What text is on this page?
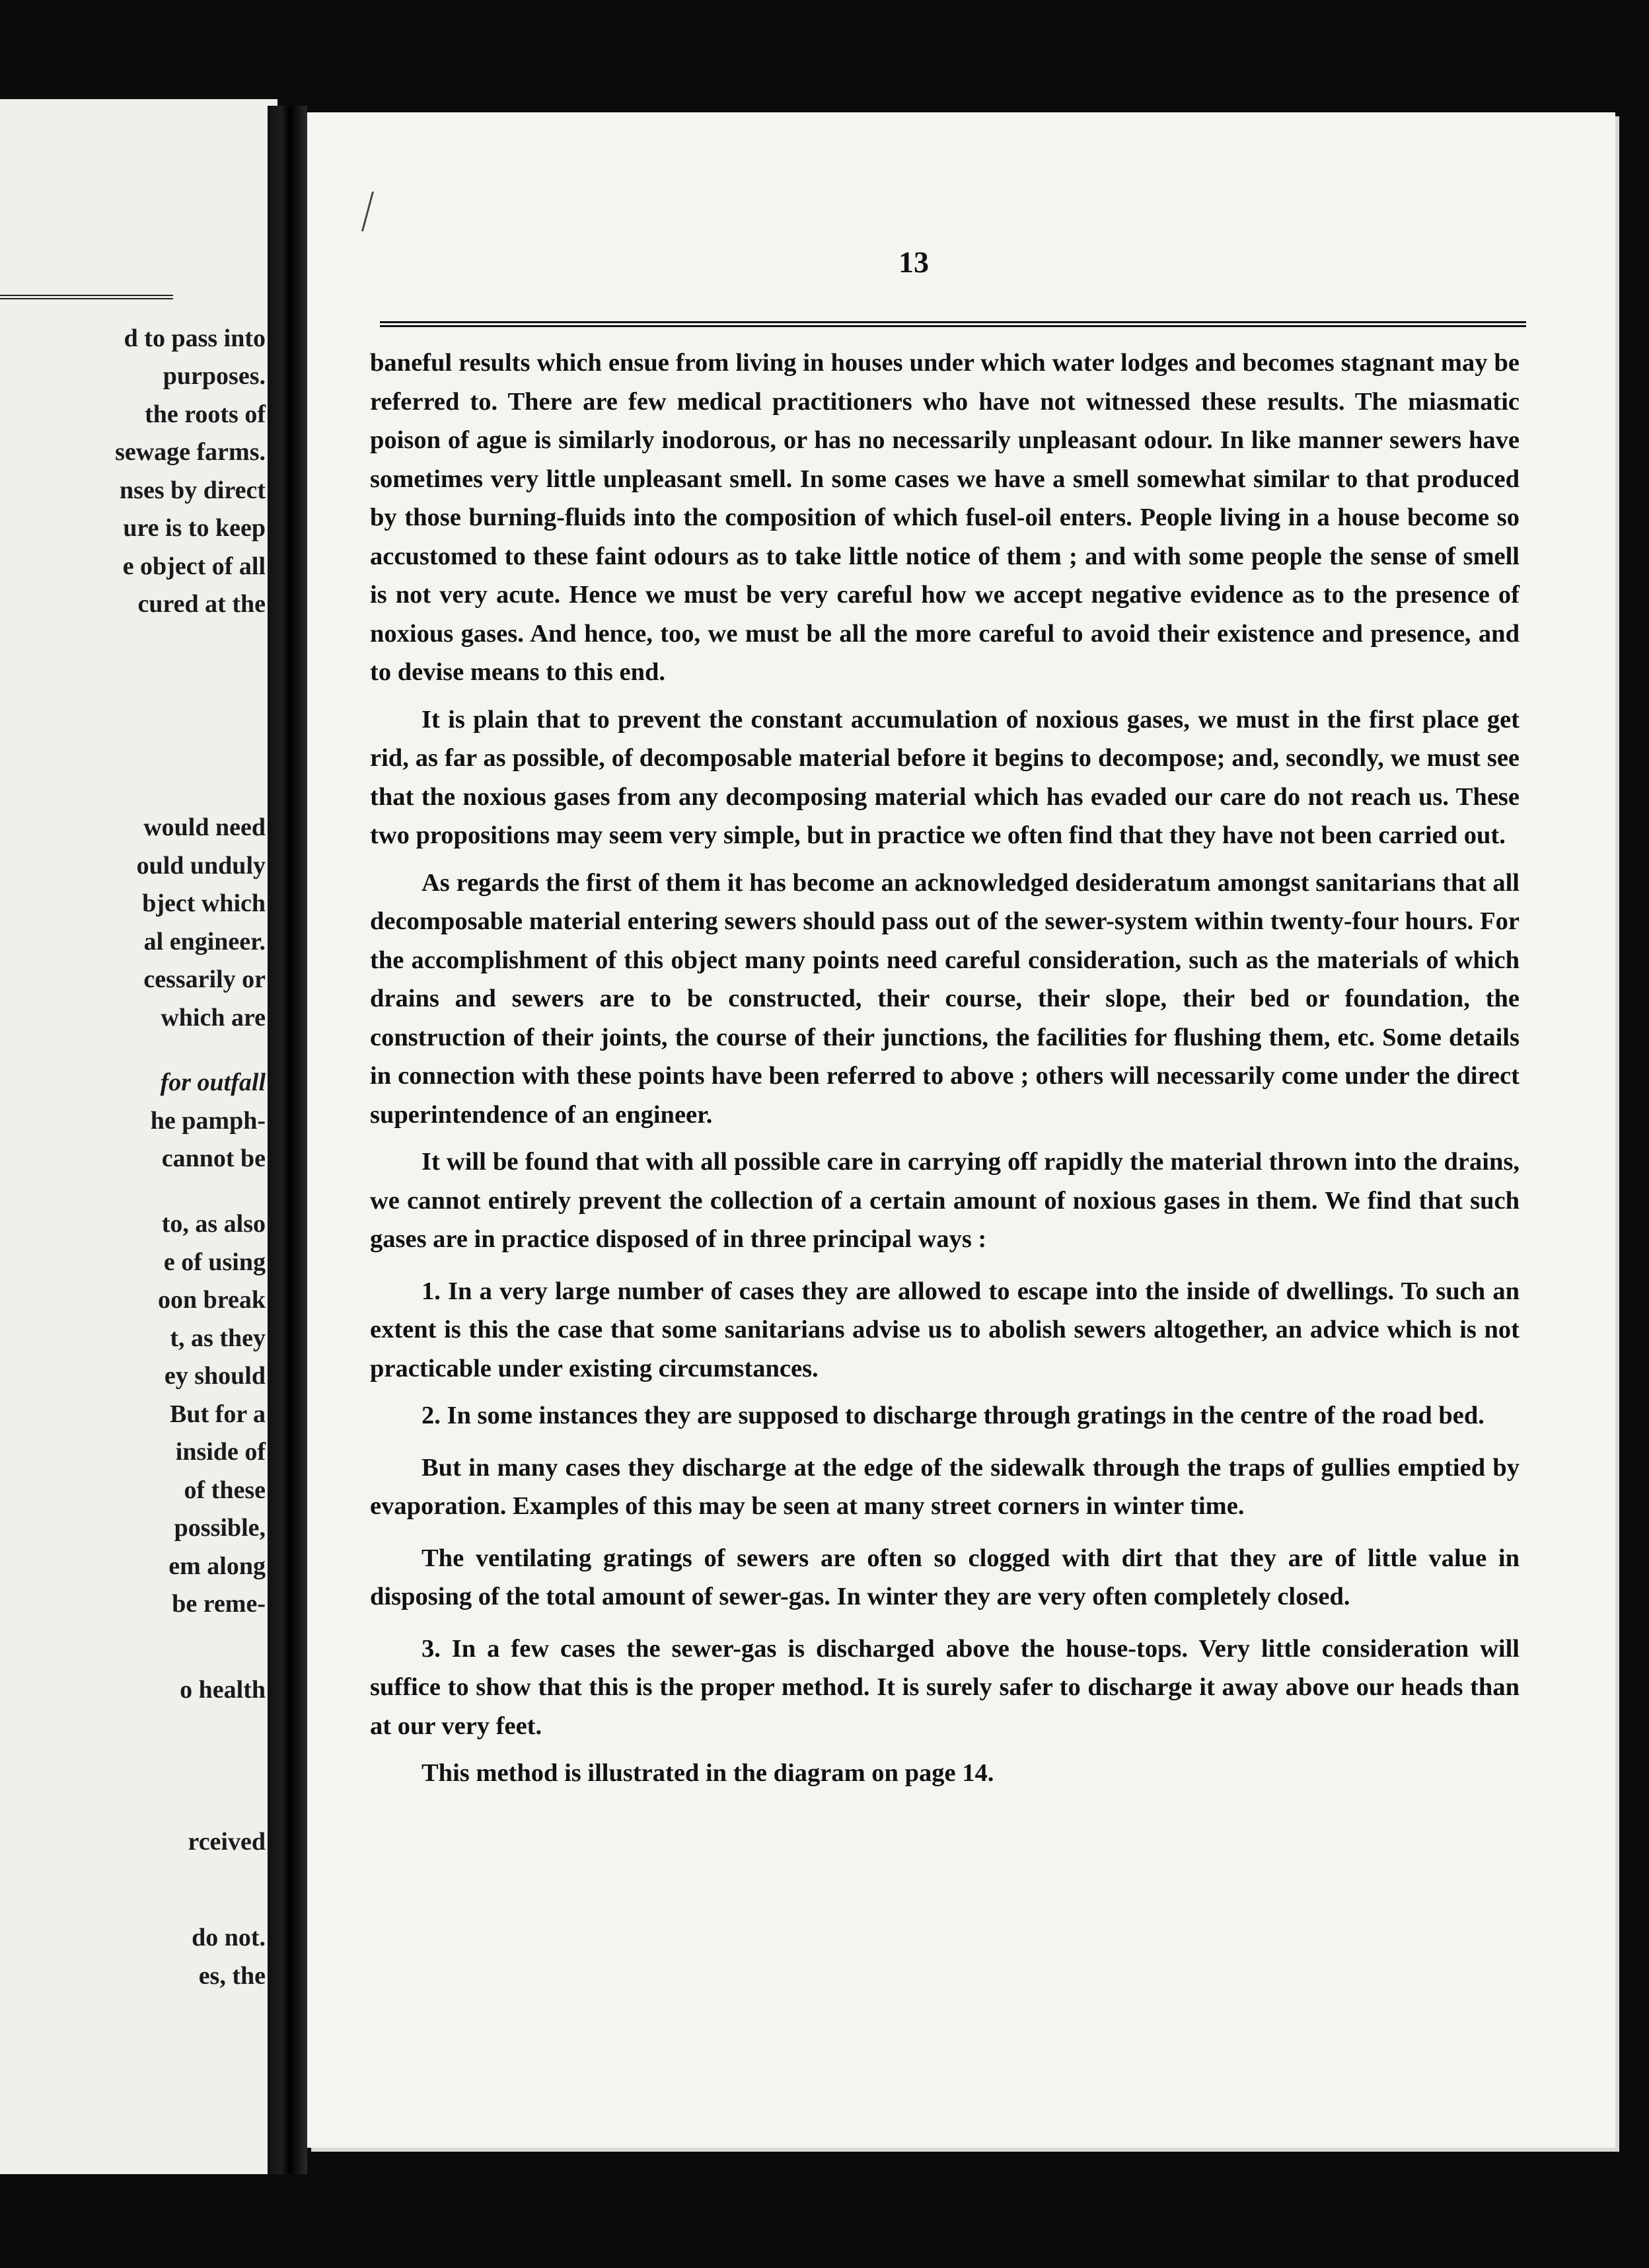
d to pass into
purposes.
the roots of
sewage farms.
nses by direct
ure is to keep
e object of all
cured at the
would need
ould unduly
bject which
al engineer.
cessarily or
which are
for outfall
he pamph-
cannot be
to, as also
e of using
oon break
t, as they
ey should
But for a
inside of
of these
possible,
em along
be reme-
o health
rceived
do not.
es, the
13

baneful results which ensue from living in houses under which water lodges and becomes stagnant may be referred to. There are few medical practitioners who have not witnessed these results. The miasmatic poison of ague is similarly inodorous, or has no necessarily unpleasant odour. In like manner sewers have sometimes very little unpleasant smell. In some cases we have a smell somewhat similar to that produced by those burning-fluids into the composition of which fusel-oil enters. People living in a house become so accustomed to these faint odours as to take little notice of them ; and with some people the sense of smell is not very acute. Hence we must be very careful how we accept negative evidence as to the presence of noxious gases. And hence, too, we must be all the more careful to avoid their existence and presence, and to devise means to this end.

It is plain that to prevent the constant accumulation of noxious gases, we must in the first place get rid, as far as possible, of decomposable material before it begins to decompose; and, secondly, we must see that the noxious gases from any decomposing material which has evaded our care do not reach us. These two propositions may seem very simple, but in practice we often find that they have not been carried out.

As regards the first of them it has become an acknowledged desideratum amongst sanitarians that all decomposable material entering sewers should pass out of the sewer-system within twenty-four hours. For the accomplishment of this object many points need careful consideration, such as the materials of which drains and sewers are to be constructed, their course, their slope, their bed or foundation, the construction of their joints, the course of their junctions, the facilities for flushing them, etc. Some details in connection with these points have been referred to above ; others will necessarily come under the direct superintendence of an engineer.

It will be found that with all possible care in carrying off rapidly the material thrown into the drains, we cannot entirely prevent the collection of a certain amount of noxious gases in them. We find that such gases are in practice disposed of in three principal ways :

1. In a very large number of cases they are allowed to escape into the inside of dwellings. To such an extent is this the case that some sanitarians advise us to abolish sewers altogether, an advice which is not practicable under existing circumstances.

2. In some instances they are supposed to discharge through gratings in the centre of the road bed.

But in many cases they discharge at the edge of the sidewalk through the traps of gullies emptied by evaporation. Examples of this may be seen at many street corners in winter time.

The ventilating gratings of sewers are often so clogged with dirt that they are of little value in disposing of the total amount of sewer-gas. In winter they are very often completely closed.

3. In a few cases the sewer-gas is discharged above the house-tops. Very little consideration will suffice to show that this is the proper method. It is surely safer to discharge it away above our heads than at our very feet.

This method is illustrated in the diagram on page 14.
